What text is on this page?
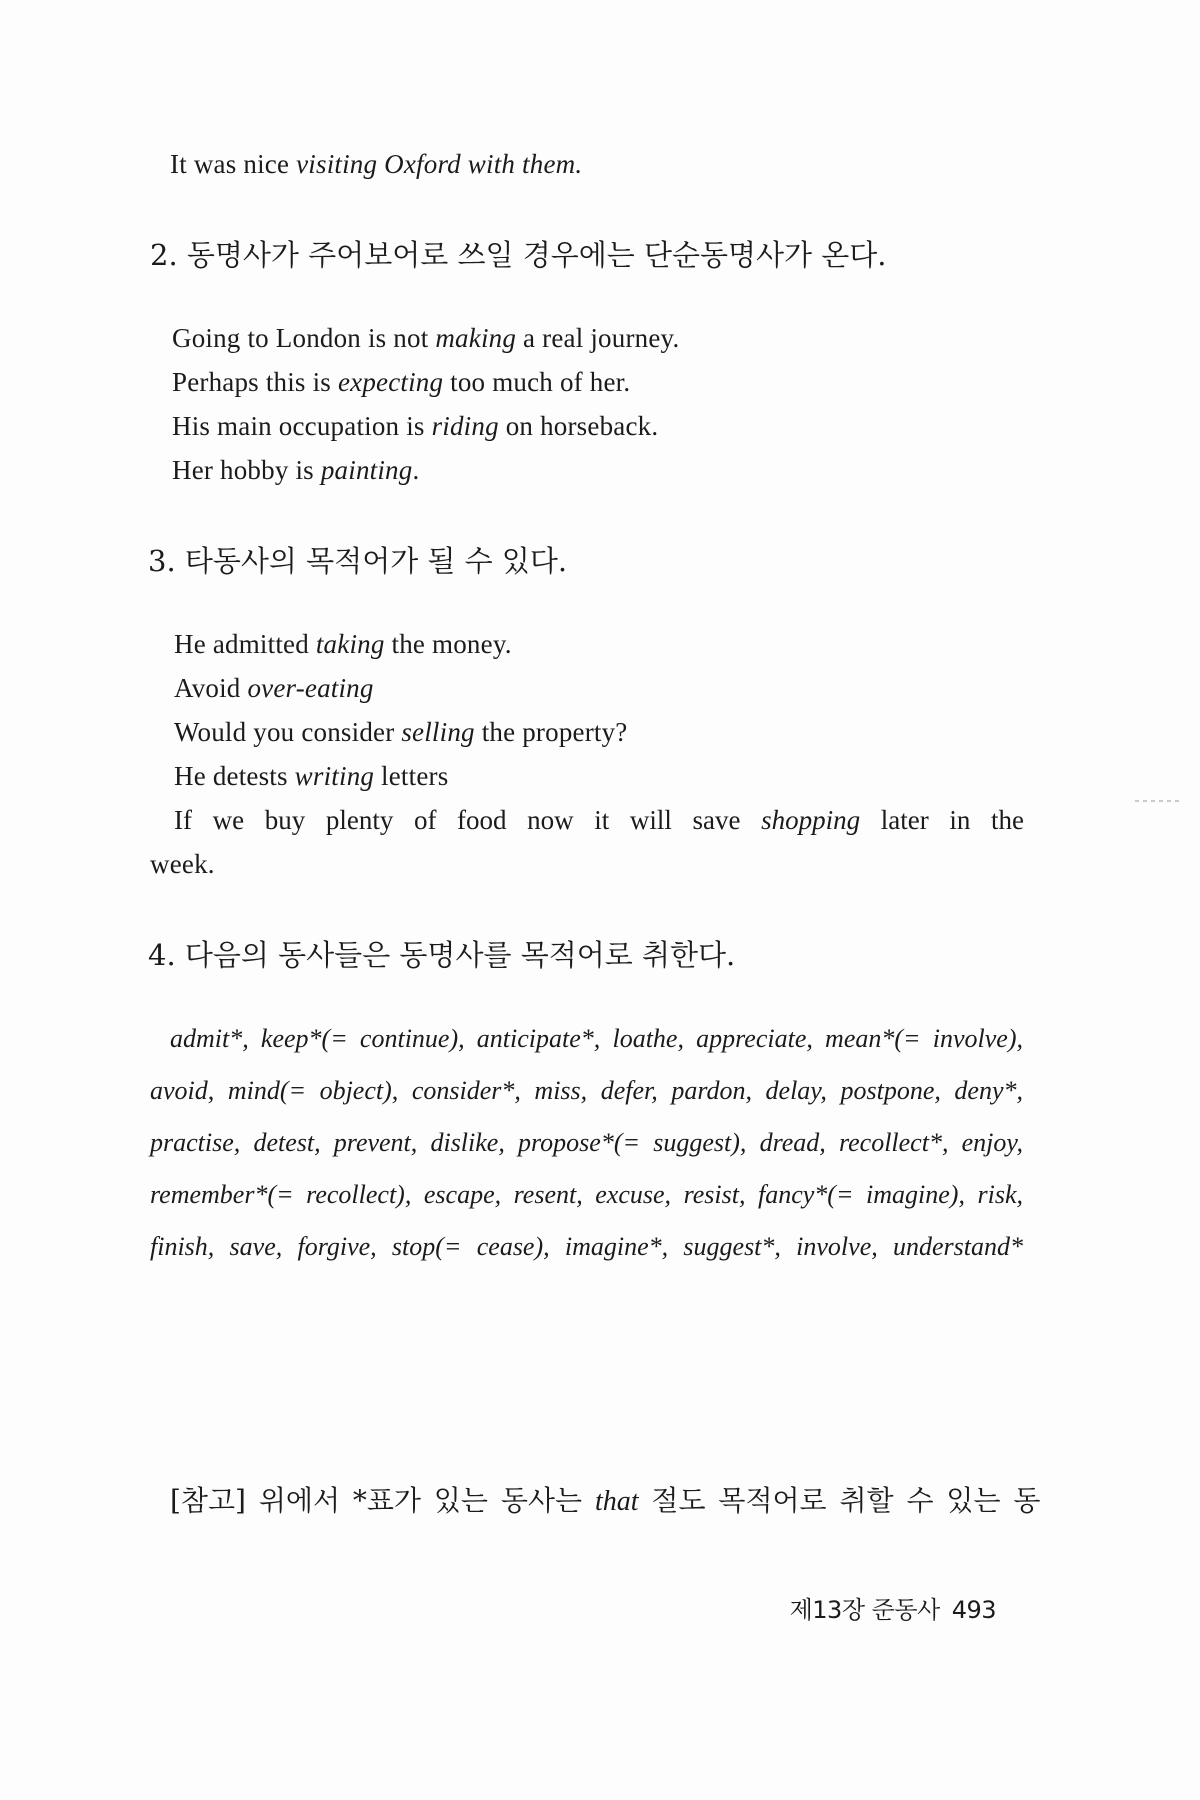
It was nice visiting Oxford with them.
2. 동명사가 주어보어로 쓰일 경우에는 단순동명사가 온다.
Going to London is not making a real journey.
Perhaps this is expecting too much of her.
His main occupation is riding on horseback.
Her hobby is painting.
3. 타동사의 목적어가 될 수 있다.
He admitted taking the money.
Avoid over-eating
Would you consider selling the property?
He detests writing letters
If we buy plenty of food now it will save shopping later in the
week.
4. 다음의 동사들은 동명사를 목적어로 취한다.
admit*, keep*(= continue), anticipate*, loathe, appreciate, mean*(= involve),
avoid, mind(= object), consider*, miss, defer, pardon, delay, postpone, deny*,
practise, detest, prevent, dislike, propose*(= suggest), dread, recollect*, enjoy,
remember*(= recollect), escape, resent, excuse, resist, fancy*(= imagine), risk,
finish, save, forgive, stop(= cease), imagine*, suggest*, involve, understand*
[참고] 위에서 *표가 있는 동사는 that 절도 목적어로 취할 수 있는 동
제13장 준동사 493
